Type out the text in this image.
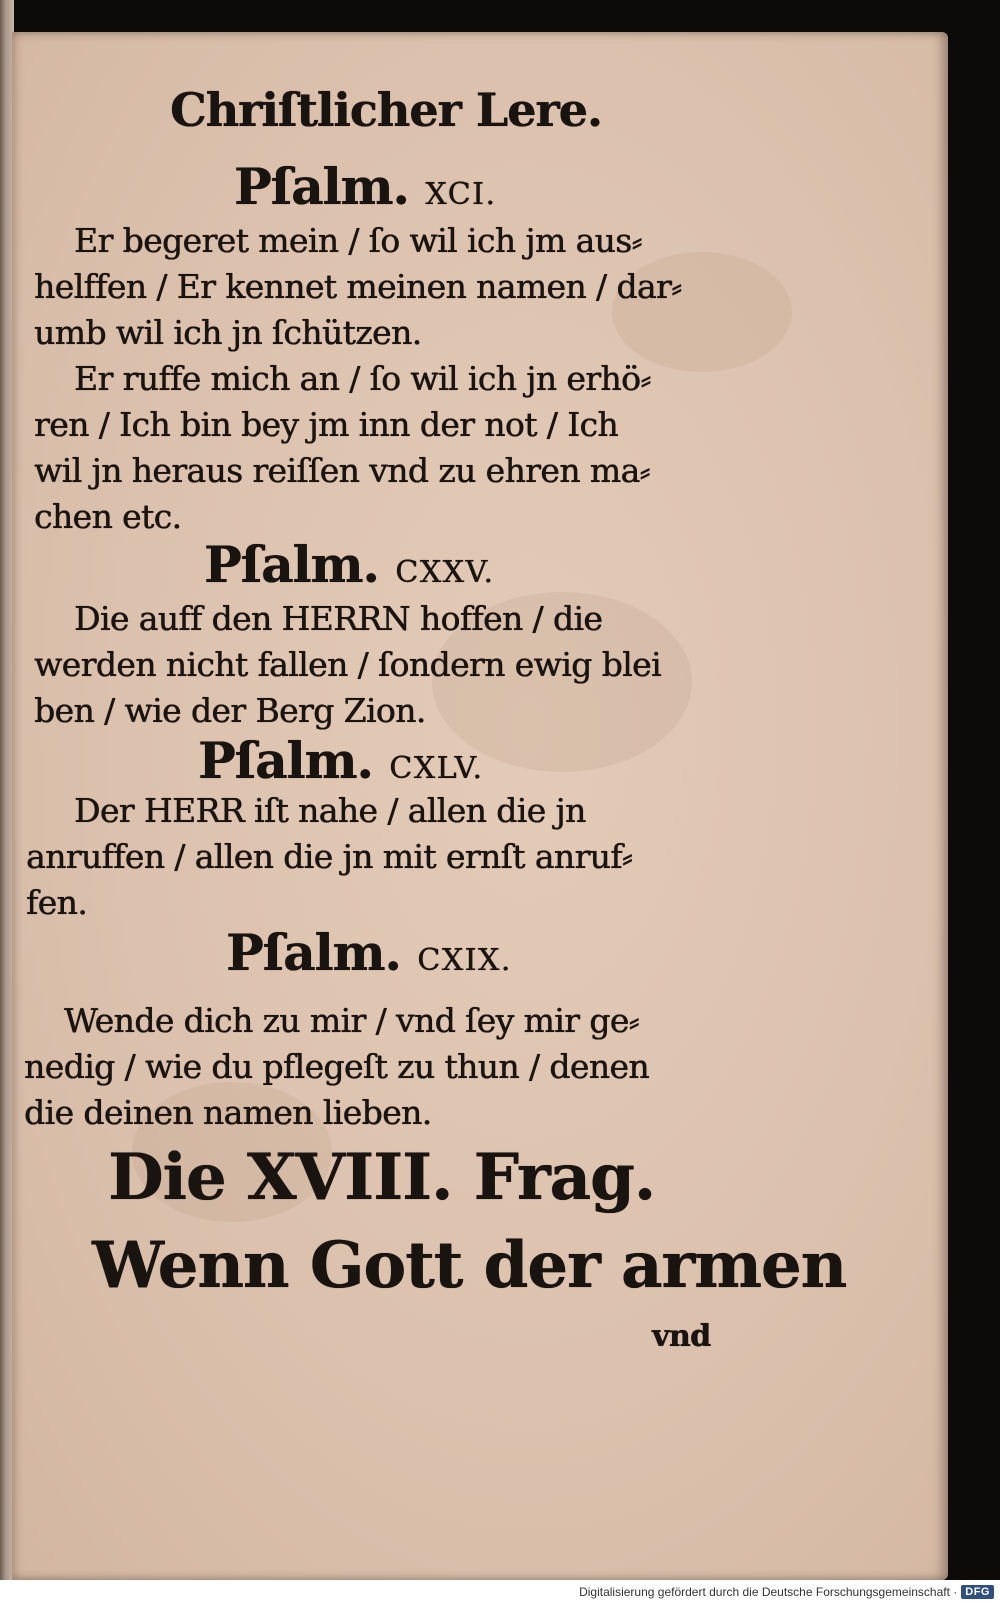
Chriſtlicher Lere.
Pſalm. XCI.
Er begeret mein / ſo wil ich jm aus⸗
helffen / Er kennet meinen namen / dar⸗
umb wil ich jn ſchützen.
Er ruffe mich an / ſo wil ich jn erhö⸗
ren / Ich bin bey jm inn der not / Ich
wil jn heraus reiſſen vnd zu ehren ma⸗
chen etc.
Pſalm. CXXV.
Die auff den HERRN hoffen / die
werden nicht fallen / ſondern ewig blei
ben / wie der Berg Zion.
Pſalm. CXLV.
Der HERR iſt nahe / allen die jn
anruffen / allen die jn mit ernſt anruf⸗
fen.
Pſalm. CXIX.
Wende dich zu mir / vnd ſey mir ge⸗
nedig / wie du pflegeſt zu thun / denen
die deinen namen lieben.
Die XVIII. Frag.
Wenn Gott der armen
vnd
Digitalisierung gefördert durch die Deutsche Forschungsgemeinschaft · DFG
